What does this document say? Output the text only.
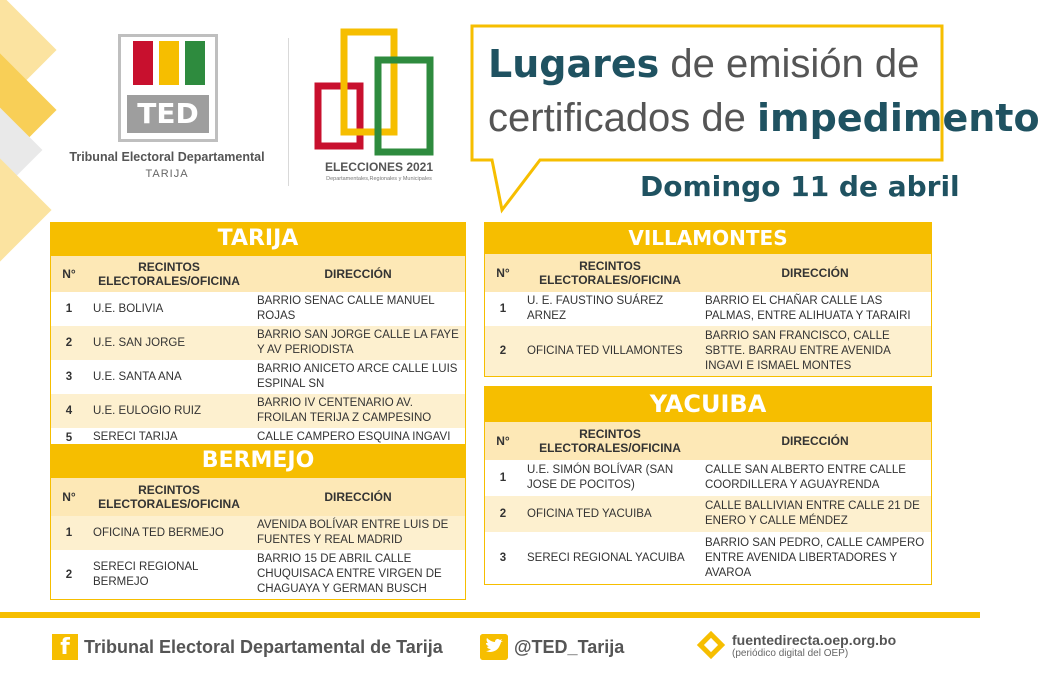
TED
Tribunal Electoral Departamental
TARIJA	ELECCIONES 2021
Departamentales,Regionales y Municipales
Lugares de emisión de
certificados de impedimento
Domingo 11 de abril
TARIJA
N°	RECINTOS ELECTORALES/OFICINA	DIRECCIÓN
1	U.E. BOLIVIA	BARRIO SENAC CALLE MANUEL ROJAS
2	U.E. SAN JORGE	BARRIO SAN JORGE CALLE LA FAYE Y AV PERIODISTA
3	U.E. SANTA ANA	BARRIO ANICETO ARCE CALLE LUIS ESPINAL SN
4	U.E. EULOGIO RUIZ	BARRIO IV CENTENARIO AV. FROILAN TERIJA Z CAMPESINO
5	SERECI TARIJA	CALLE CAMPERO ESQUINA INGAVI
BERMEJO
N°	RECINTOS ELECTORALES/OFICINA	DIRECCIÓN
1	OFICINA TED BERMEJO	AVENIDA BOLÍVAR ENTRE LUIS DE FUENTES Y REAL MADRID
2	SERECI REGIONAL BERMEJO	BARRIO 15 DE ABRIL CALLE CHUQUISACA ENTRE VIRGEN DE CHAGUAYA Y GERMAN BUSCH
VILLAMONTES
N°	RECINTOS ELECTORALES/OFICINA	DIRECCIÓN
1	U. E. FAUSTINO SUÁREZ ARNEZ	BARRIO EL CHAÑAR CALLE LAS PALMAS, ENTRE ALIHUATA Y TARAIRI
2	OFICINA TED VILLAMONTES	BARRIO SAN FRANCISCO, CALLE SBTTE. BARRAU ENTRE AVENIDA INGAVI E ISMAEL MONTES
YACUIBA
N°	RECINTOS ELECTORALES/OFICINA	DIRECCIÓN
1	U.E. SIMÓN BOLÍVAR (SAN JOSE DE POCITOS)	CALLE SAN ALBERTO ENTRE CALLE COORDILLERA Y AGUAYRENDA
2	OFICINA TED YACUIBA	CALLE BALLIVIAN ENTRE CALLE 21 DE ENERO Y CALLE MÉNDEZ
3	SERECI REGIONAL YACUIBA	BARRIO SAN PEDRO, CALLE CAMPERO ENTRE AVENIDA LIBERTADORES Y AVAROA
f Tribunal Electoral Departamental de Tarija	@TED_Tarija	fuentedirecta.oep.org.bo
(periódico digital del OEP)
